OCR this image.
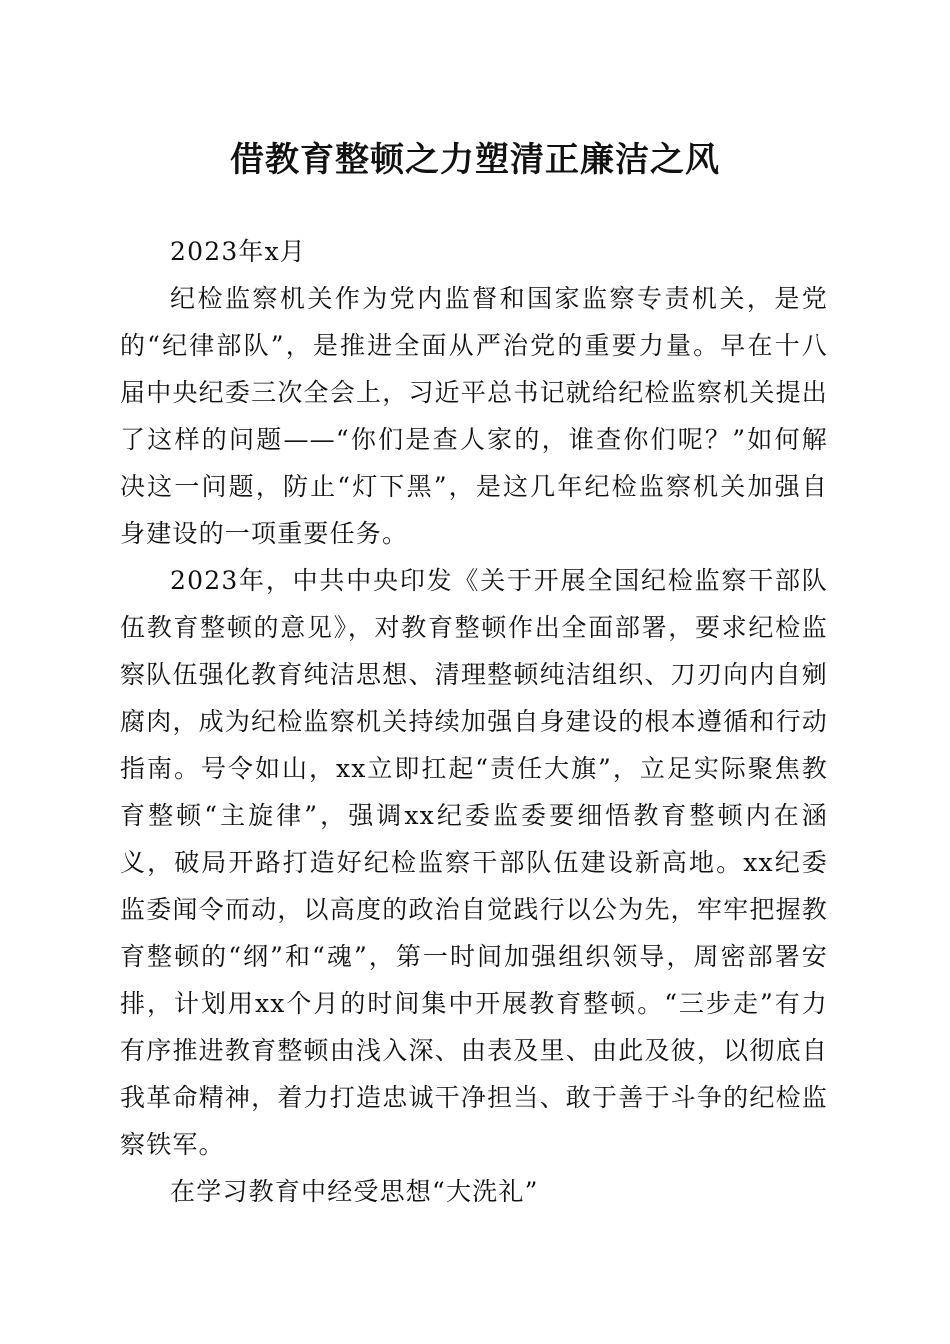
借教育整顿之力塑清正廉洁之风

2023年x月

纪检监察机关作为党内监督和国家监察专责机关，是党的“纪律部队”，是推进全面从严治党的重要力量。早在十八届中央纪委三次全会上，习近平总书记就给纪检监察机关提出了这样的问题——“你们是查人家的，谁查你们呢？”如何解决这一问题，防止“灯下黑”，是这几年纪检监察机关加强自身建设的一项重要任务。

2023年，中共中央印发《关于开展全国纪检监察干部队伍教育整顿的意见》，对教育整顿作出全面部署，要求纪检监察队伍强化教育纯洁思想、清理整顿纯洁组织、刀刃向内自剜腐肉，成为纪检监察机关持续加强自身建设的根本遵循和行动指南。号令如山，xx立即扛起“责任大旗”，立足实际聚焦教育整顿“主旋律”，强调xx纪委监委要细悟教育整顿内在涵义，破局开路打造好纪检监察干部队伍建设新高地。xx纪委监委闻令而动，以高度的政治自觉践行以公为先，牢牢把握教育整顿的“纲”和“魂”，第一时间加强组织领导，周密部署安排，计划用xx个月的时间集中开展教育整顿。“三步走”有力有序推进教育整顿由浅入深、由表及里、由此及彼，以彻底自我革命精神，着力打造忠诚干净担当、敢于善于斗争的纪检监察铁军。

在学习教育中经受思想“大洗礼”
